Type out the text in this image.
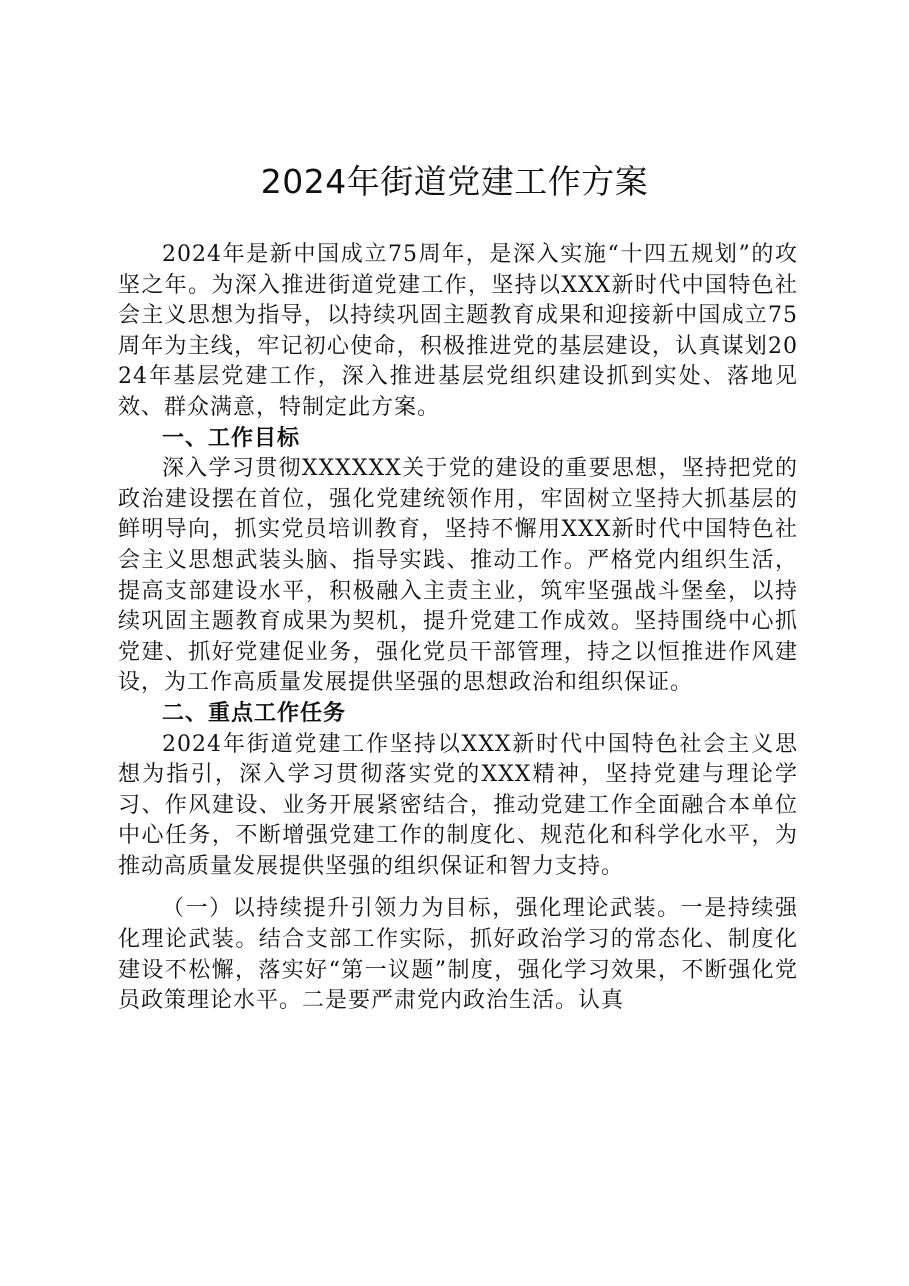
2024年街道党建工作方案

2024年是新中国成立75周年，是深入实施“十四五规划”的攻坚之年。为深入推进街道党建工作，坚持以XXX新时代中国特色社会主义思想为指导，以持续巩固主题教育成果和迎接新中国成立75周年为主线，牢记初心使命，积极推进党的基层建设，认真谋划2024年基层党建工作，深入推进基层党组织建设抓到实处、落地见效、群众满意，特制定此方案。

一、工作目标

深入学习贯彻XXXXXX关于党的建设的重要思想，坚持把党的政治建设摆在首位，强化党建统领作用，牢固树立坚持大抓基层的鲜明导向，抓实党员培训教育，坚持不懈用XXX新时代中国特色社会主义思想武装头脑、指导实践、推动工作。严格党内组织生活，提高支部建设水平，积极融入主责主业，筑牢坚强战斗堡垒，以持续巩固主题教育成果为契机，提升党建工作成效。坚持围绕中心抓党建、抓好党建促业务，强化党员干部管理，持之以恒推进作风建设，为工作高质量发展提供坚强的思想政治和组织保证。

二、重点工作任务

2024年街道党建工作坚持以XXX新时代中国特色社会主义思想为指引，深入学习贯彻落实党的XXX精神，坚持党建与理论学习、作风建设、业务开展紧密结合，推动党建工作全面融合本单位中心任务，不断增强党建工作的制度化、规范化和科学化水平，为推动高质量发展提供坚强的组织保证和智力支持。

（一）以持续提升引领力为目标，强化理论武装。一是持续强化理论武装。结合支部工作实际，抓好政治学习的常态化、制度化建设不松懈，落实好“第一议题”制度，强化学习效果，不断强化党员政策理论水平。二是要严肃党内政治生活。认真
